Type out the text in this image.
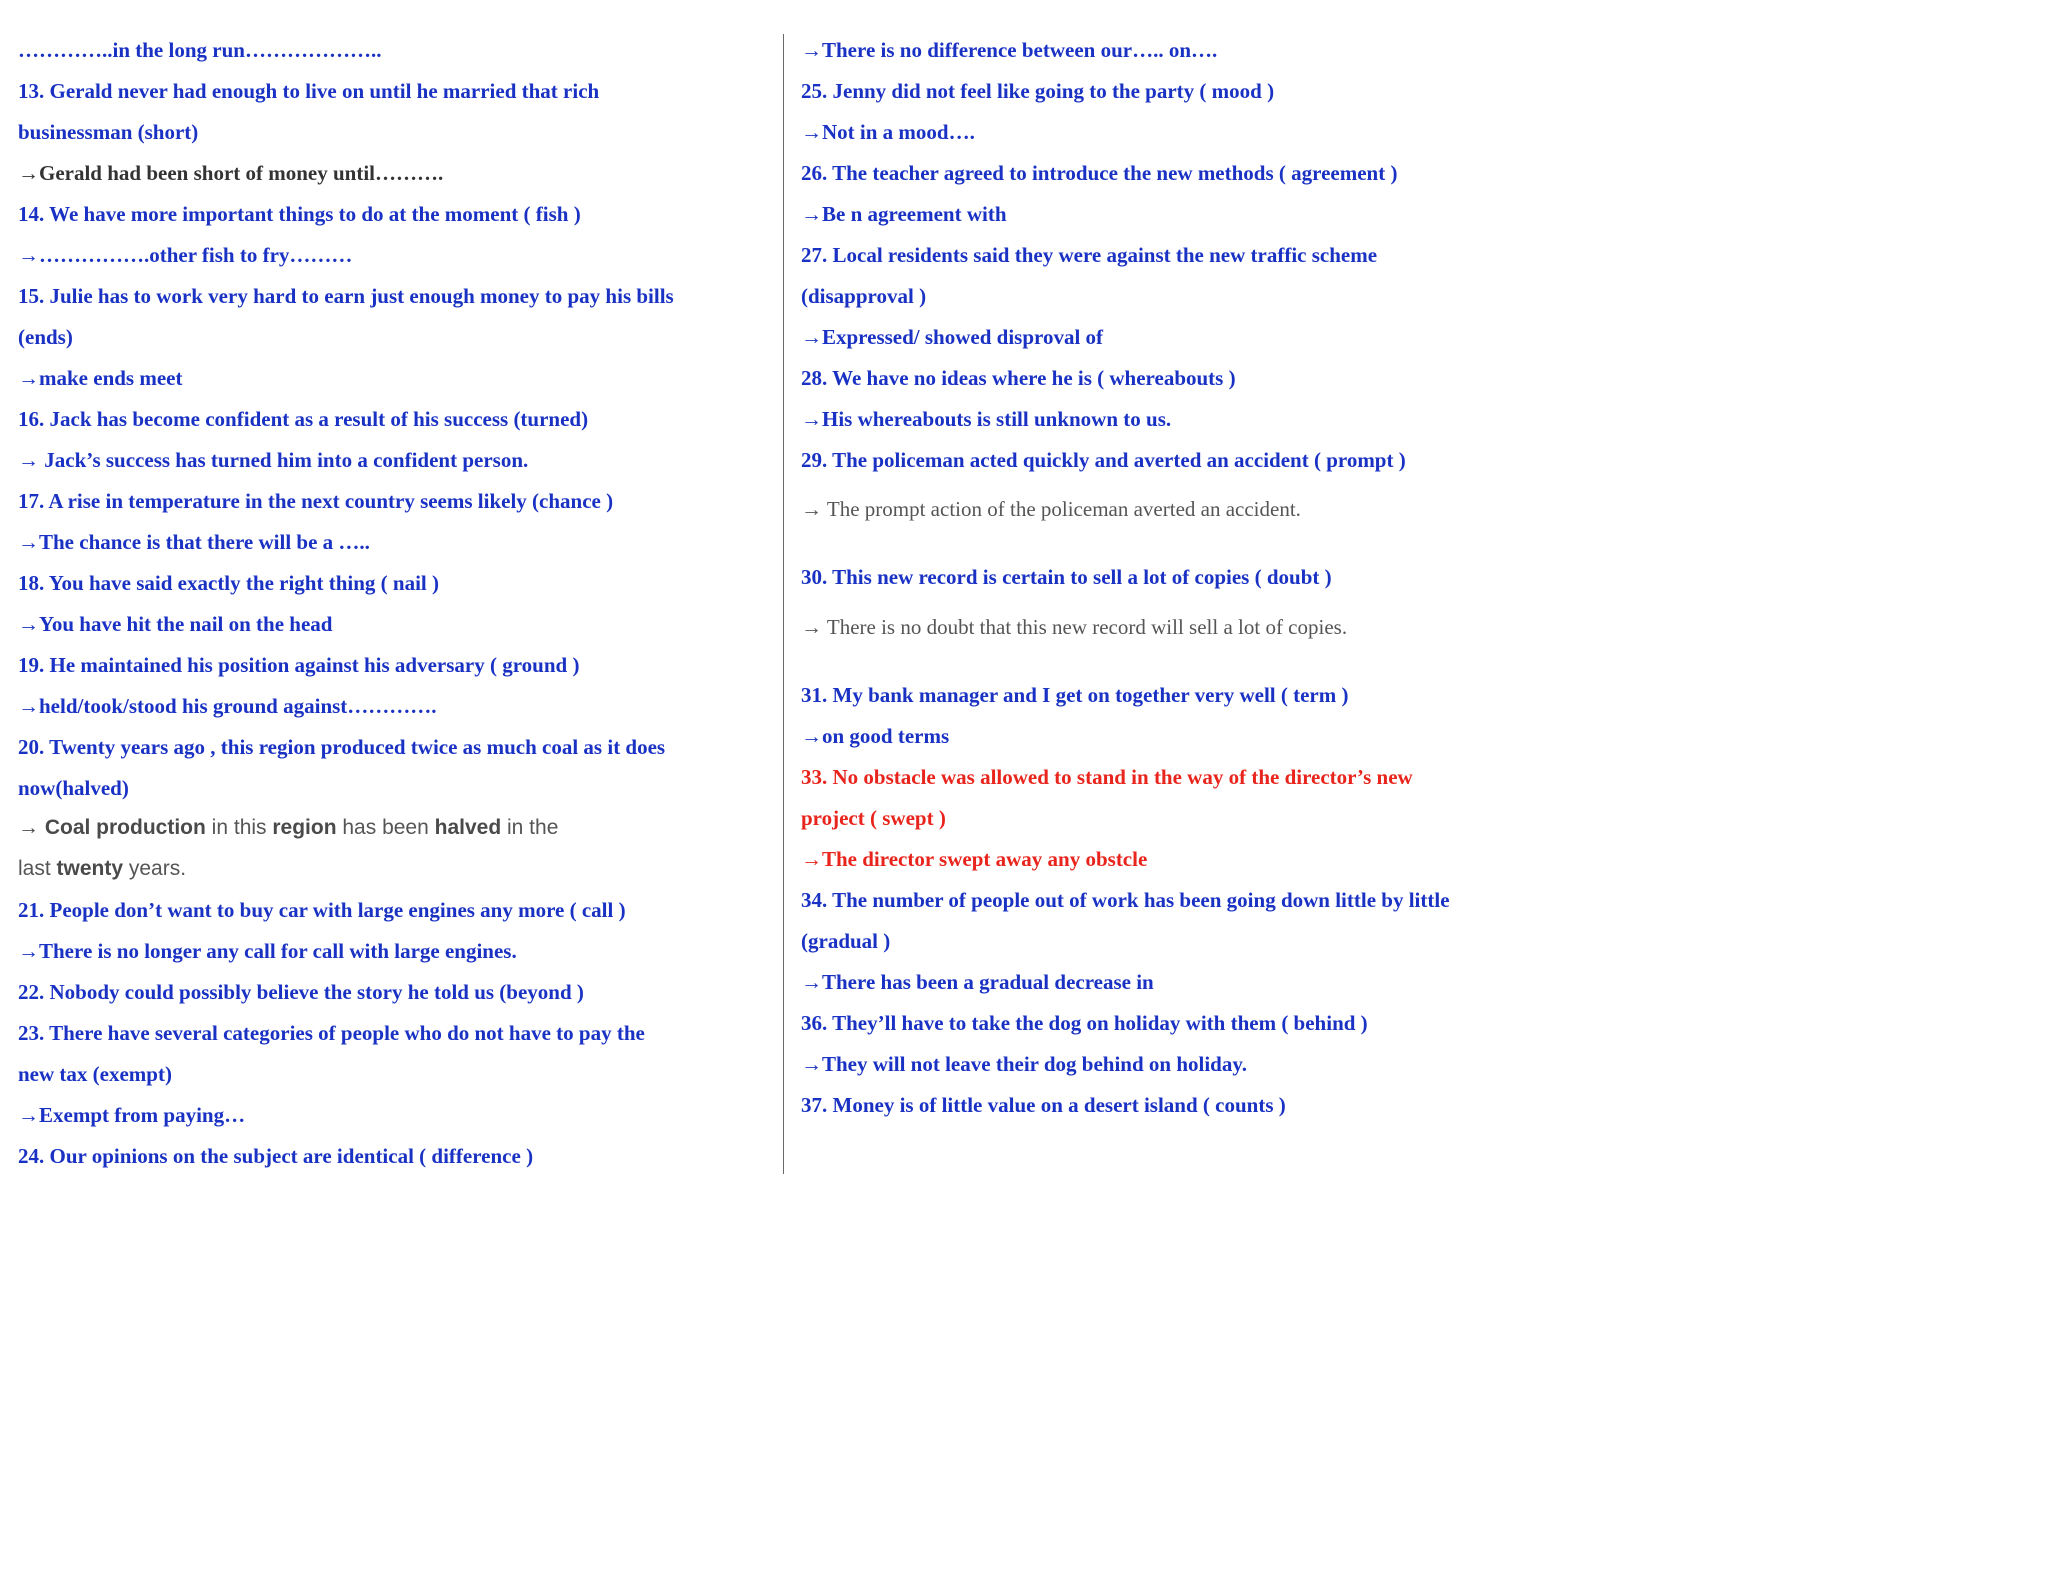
…………..in the long run………………..
13. Gerald never had enough to live on until he married that rich
businessman (short)
→Gerald had been short of money until……….
14. We have more important things to do at the moment ( fish )
→…………….other fish to fry………
15. Julie has to work very hard to earn just enough money to pay his bills
(ends)
→make ends meet
16. Jack has become confident as a result of his success (turned)
→ Jack’s success has turned him into a confident person.
17. A rise in temperature in the next country seems likely (chance )
→The chance is that there will be a …..
18. You have said exactly the right thing ( nail )
→You have hit the nail on the head
19. He maintained his position against his adversary ( ground )
→held/took/stood his ground against………….
20. Twenty years ago , this region produced twice as much coal as it does
now(halved)
→ Coal production in this region has been halved in the
last twenty years.
21. People don’t want to buy car with large engines any more ( call )
→There is no longer any call for call with large engines.
22. Nobody could possibly believe the story he told us (beyond )
23. There have several categories of people who do not have to pay the
new tax (exempt)
→Exempt from paying…
24. Our opinions on the subject are identical ( difference )
→There is no difference between our….. on….
25. Jenny did not feel like going to the party ( mood )
→Not in a mood….
26. The teacher agreed to introduce the new methods ( agreement )
→Be n agreement with
27. Local residents said they were against the new traffic scheme
(disapproval )
→Expressed/ showed disproval of
28. We have no ideas where he is ( whereabouts )
→His whereabouts is still unknown to us.
29. The policeman acted quickly and averted an accident ( prompt )
→ The prompt action of the policeman averted an accident.
30. This new record is certain to sell a lot of copies ( doubt )
→ There is no doubt that this new record will sell a lot of copies.
31. My bank manager and I get on together very well ( term )
→on good terms
33. No obstacle was allowed to stand in the way of the director’s new
project ( swept )
→The director swept away any obstcle
34. The number of people out of work has been going down little by little
(gradual )
→There has been a gradual decrease in
36. They’ll have to take the dog on holiday with them ( behind )
→They will not leave their dog behind on holiday.
37. Money is of little value on a desert island ( counts )
